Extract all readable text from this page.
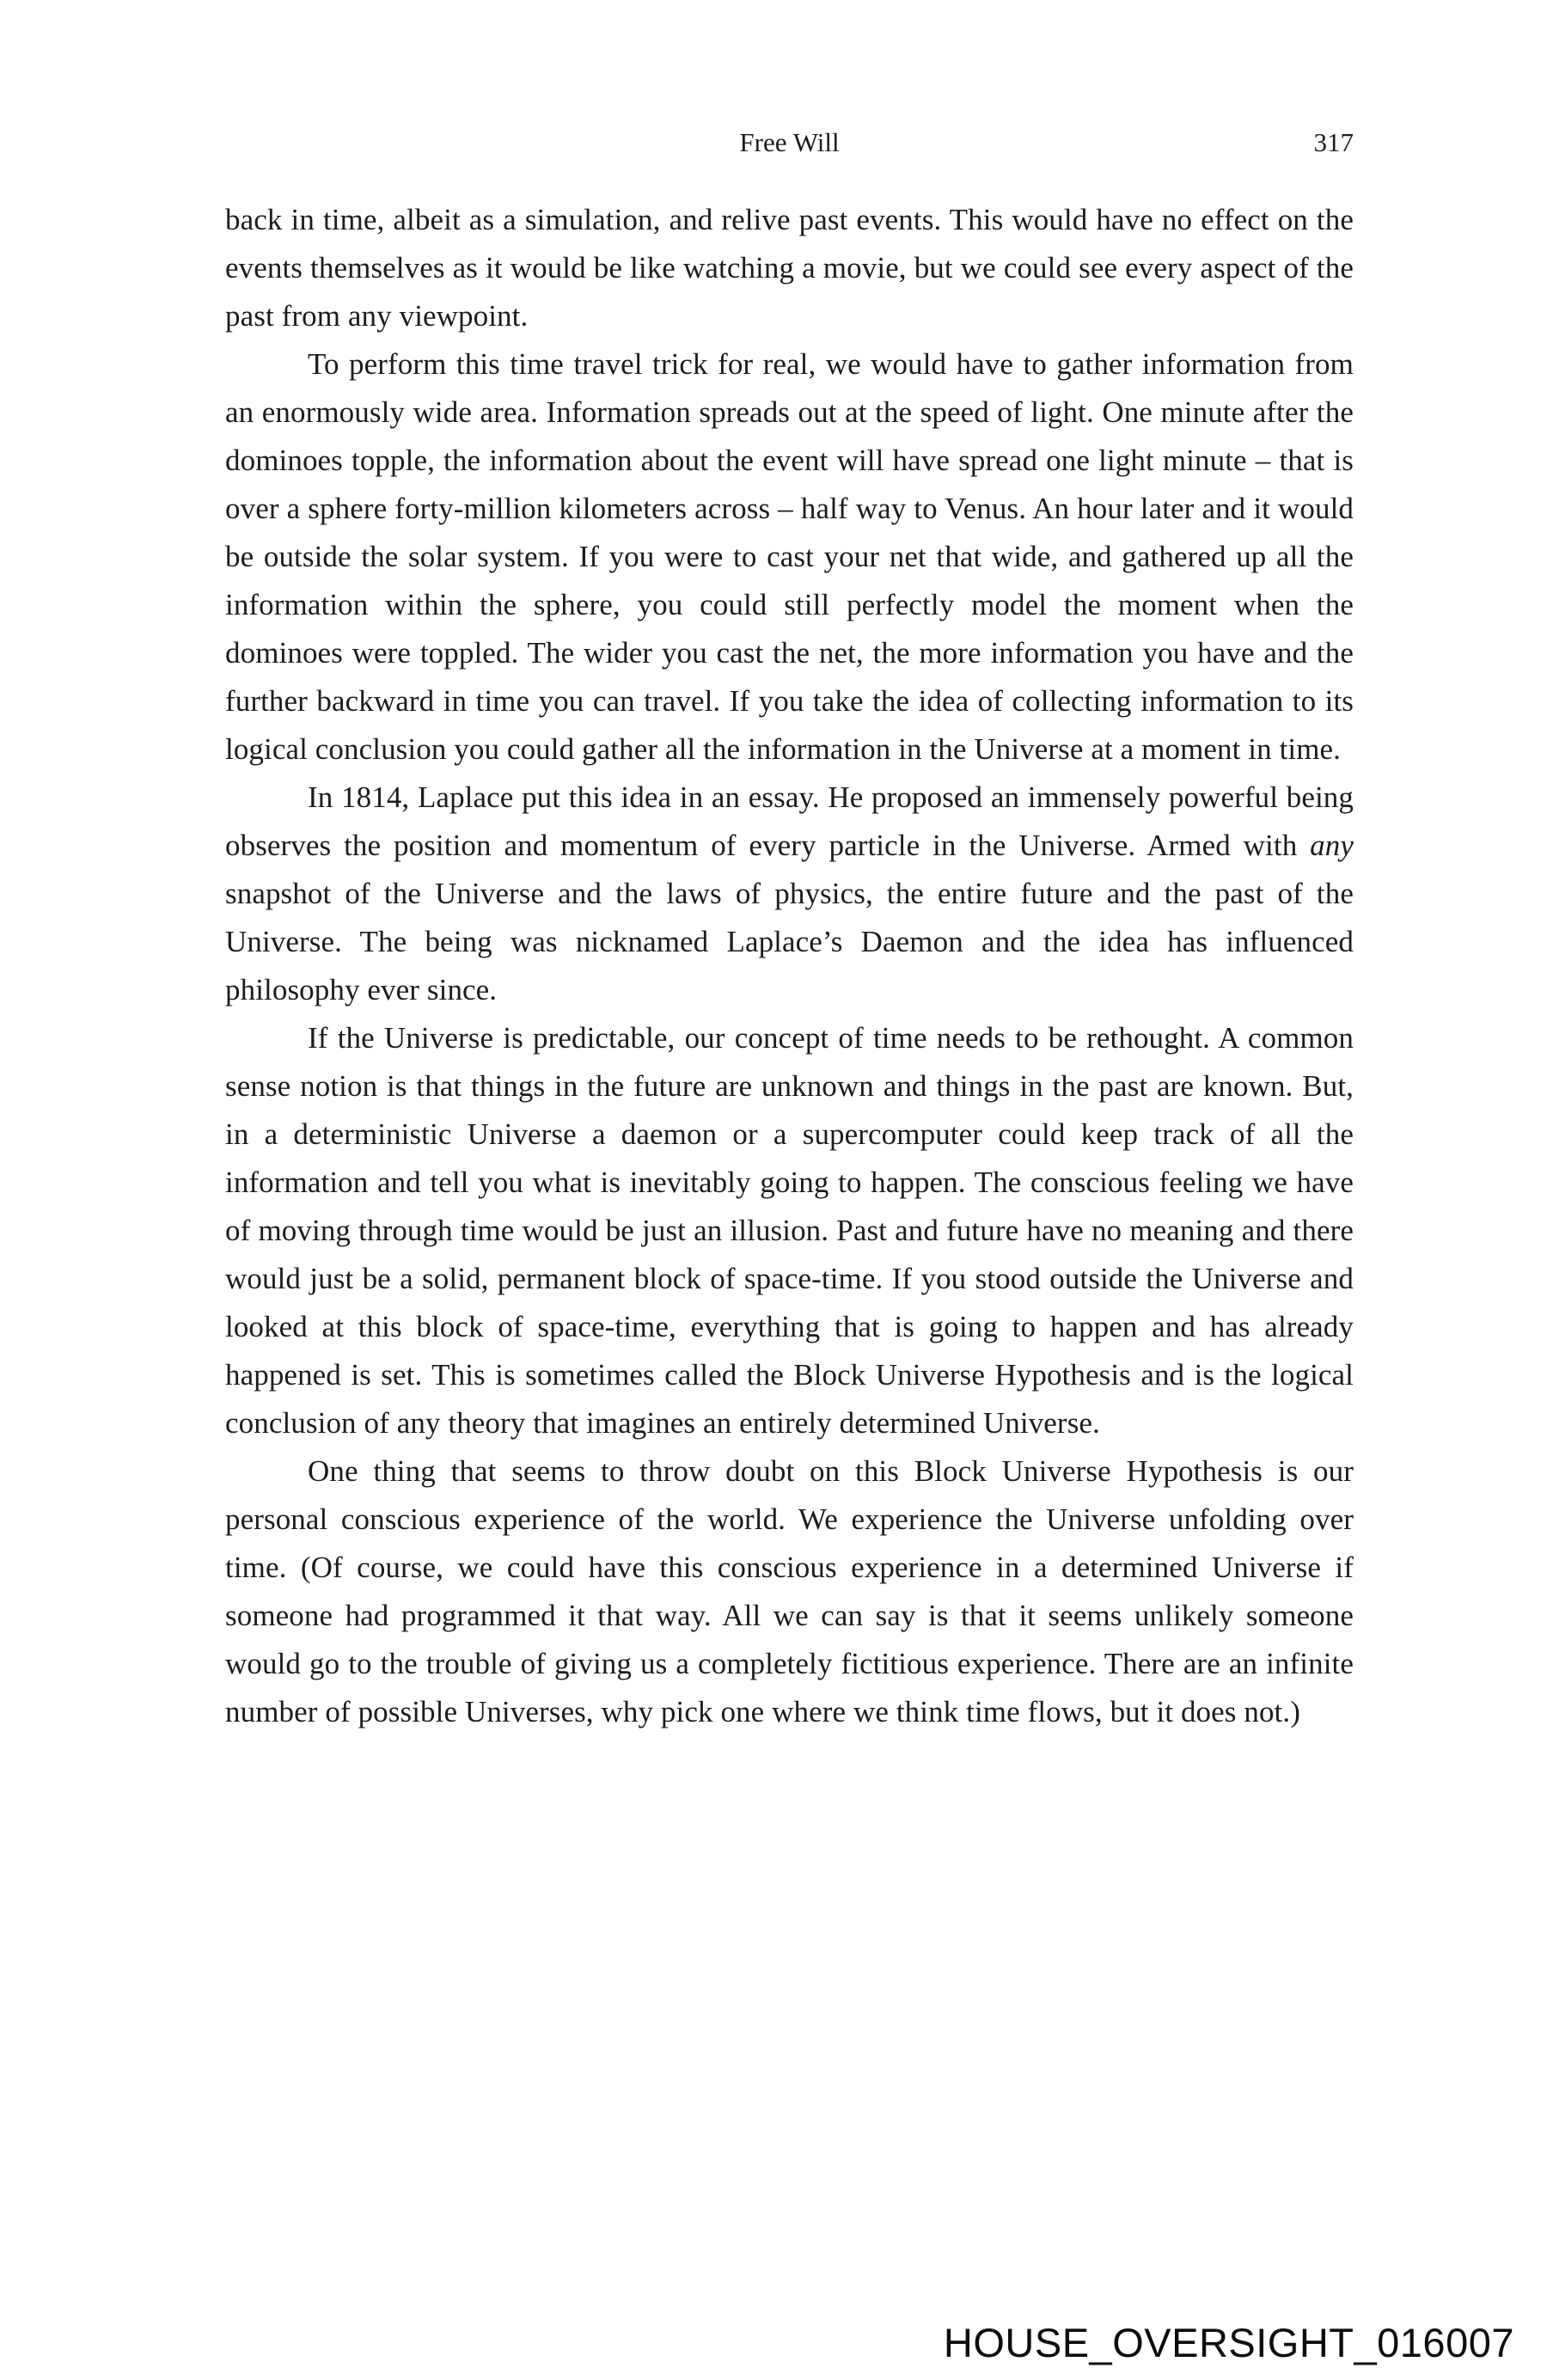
Free Will	317

back in time, albeit as a simulation, and relive past events. This would have no effect on the events themselves as it would be like watching a movie, but we could see every aspect of the past from any viewpoint.

To perform this time travel trick for real, we would have to gather information from an enormously wide area. Information spreads out at the speed of light. One minute after the dominoes topple, the information about the event will have spread one light minute – that is over a sphere forty-million kilometers across – half way to Venus. An hour later and it would be outside the solar system. If you were to cast your net that wide, and gathered up all the information within the sphere, you could still perfectly model the moment when the dominoes were toppled. The wider you cast the net, the more information you have and the further backward in time you can travel. If you take the idea of collecting information to its logical conclusion you could gather all the information in the Universe at a moment in time.

In 1814, Laplace put this idea in an essay. He proposed an immensely powerful being observes the position and momentum of every particle in the Universe. Armed with any snapshot of the Universe and the laws of physics, the entire future and the past of the Universe. The being was nicknamed Laplace’s Daemon and the idea has influenced philosophy ever since.

If the Universe is predictable, our concept of time needs to be rethought. A common sense notion is that things in the future are unknown and things in the past are known. But, in a deterministic Universe a daemon or a supercomputer could keep track of all the information and tell you what is inevitably going to happen. The conscious feeling we have of moving through time would be just an illusion. Past and future have no meaning and there would just be a solid, permanent block of space-time. If you stood outside the Universe and looked at this block of space-time, everything that is going to happen and has already happened is set. This is sometimes called the Block Universe Hypothesis and is the logical conclusion of any theory that imagines an entirely determined Universe.

One thing that seems to throw doubt on this Block Universe Hypothesis is our personal conscious experience of the world. We experience the Universe unfolding over time. (Of course, we could have this conscious experience in a determined Universe if someone had programmed it that way. All we can say is that it seems unlikely someone would go to the trouble of giving us a completely fictitious experience. There are an infinite number of possible Universes, why pick one where we think time flows, but it does not.)

HOUSE_OVERSIGHT_016007
